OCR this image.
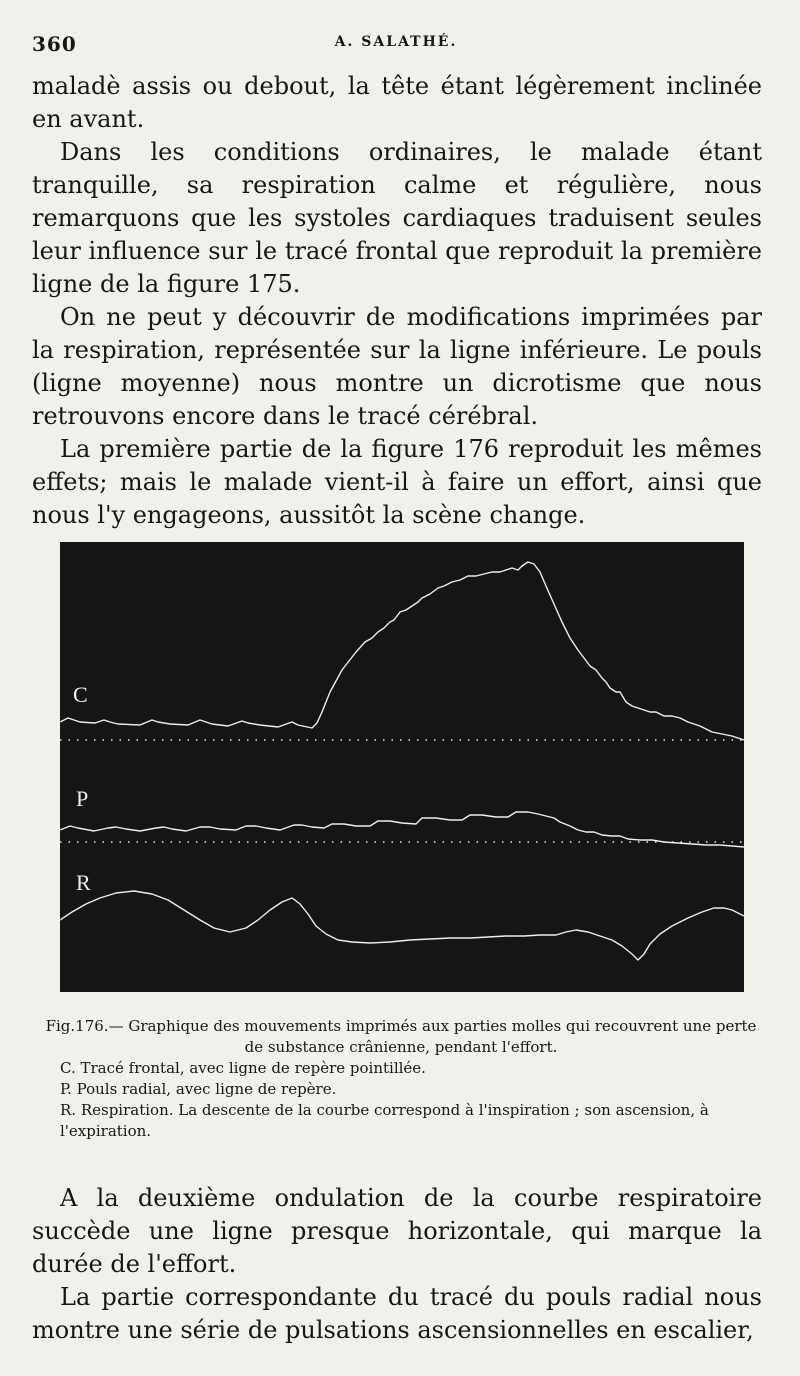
360	A. SALATHÉ.

maladè assis ou debout, la tête étant légèrement inclinée en avant.

Dans les conditions ordinaires, le malade étant tranquille, sa respiration calme et régulière, nous remarquons que les systoles cardiaques traduisent seules leur influence sur le tracé frontal que reproduit la première ligne de la figure 175.

On ne peut y découvrir de modifications imprimées par la respiration, représentée sur la ligne inférieure. Le pouls (ligne moyenne) nous montre un dicrotisme que nous retrouvons encore dans le tracé cérébral.

La première partie de la figure 176 reproduit les mêmes effets; mais le malade vient-il à faire un effort, ainsi que nous l'y engageons, aussitôt la scène change.

C
P
R

Fig.176.— Graphique des mouvements imprimés aux parties molles qui recouvrent une perte de substance crânienne, pendant l'effort.

C. Tracé frontal, avec ligne de repère pointillée.

P. Pouls radial, avec ligne de repère.

R. Respiration. La descente de la courbe correspond à l'inspiration ; son ascension, à l'expiration.

A la deuxième ondulation de la courbe respiratoire succède une ligne presque horizontale, qui marque la durée de l'effort.

La partie correspondante du tracé du pouls radial nous montre une série de pulsations ascensionnelles en escalier,
